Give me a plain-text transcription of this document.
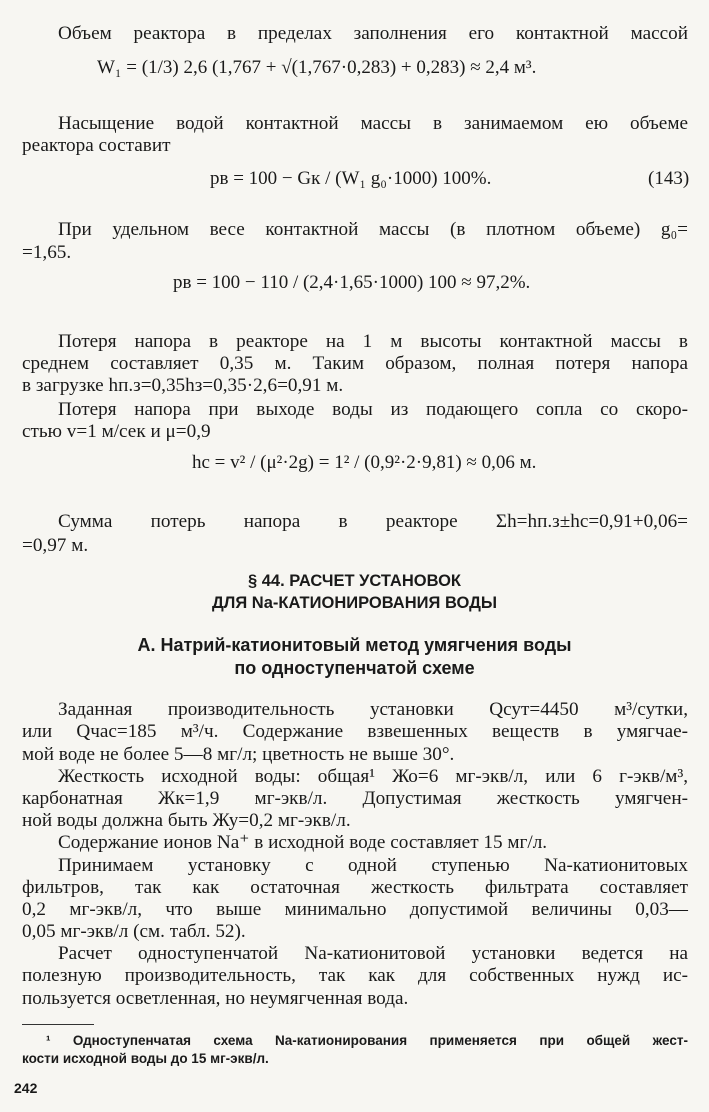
Объем реактора в пределах заполнения его контактной массой
W₁ = (1/3) 2,6 (1,767 + √(1,767·0,283) + 0,283) ≈ 2,4 м³.
Насыщение водой контактной массы в занимаемом ею объеме
реактора составит
pв = 100 − Gк / (W₁ g₀·1000) 100%.	(143)
При удельном весе контактной массы (в плотном объеме) g₀=
=1,65.
pв = 100 − 110 / (2,4·1,65·1000) 100 ≈ 97,2%.
Потеря напора в реакторе на 1 м высоты контактной массы в
среднем составляет 0,35 м. Таким образом, полная потеря напора
в загрузке hп.з=0,35hз=0,35·2,6=0,91 м.
Потеря напора при выходе воды из подающего сопла со скоро-
стью v=1 м/сек и μ=0,9
hс = v² / (μ²·2g) = 1² / (0,9²·2·9,81) ≈ 0,06 м.
Сумма потерь напора в реакторе Σh=hп.з±hс=0,91+0,06=
=0,97 м.
§ 44. РАСЧЕТ УСТАНОВОК
ДЛЯ Na-КАТИОНИРОВАНИЯ ВОДЫ
А. Натрий-катионитовый метод умягчения воды
по одноступенчатой схеме
Заданная производительность установки Qсут=4450 м³/сутки,
или Qчас=185 м³/ч. Содержание взвешенных веществ в умягчае-
мой воде не более 5—8 мг/л; цветность не выше 30°.
Жесткость исходной воды: общая¹ Жо=6 мг-экв/л, или 6 г-экв/м³,
карбонатная Жк=1,9 мг-экв/л. Допустимая жесткость умягчен-
ной воды должна быть Жу=0,2 мг-экв/л.
Содержание ионов Na⁺ в исходной воде составляет 15 мг/л.
Принимаем установку с одной ступенью Na-катионитовых
фильтров, так как остаточная жесткость фильтрата составляет
0,2 мг-экв/л, что выше минимально допустимой величины 0,03—
0,05 мг-экв/л (см. табл. 52).
Расчет одноступенчатой Na-катионитовой установки ведется на
полезную производительность, так как для собственных нужд ис-
пользуется осветленная, но неумягченная вода.
¹ Одноступенчатая схема Na-катионирования применяется при общей жест-
кости исходной воды до 15 мг-экв/л.
242
